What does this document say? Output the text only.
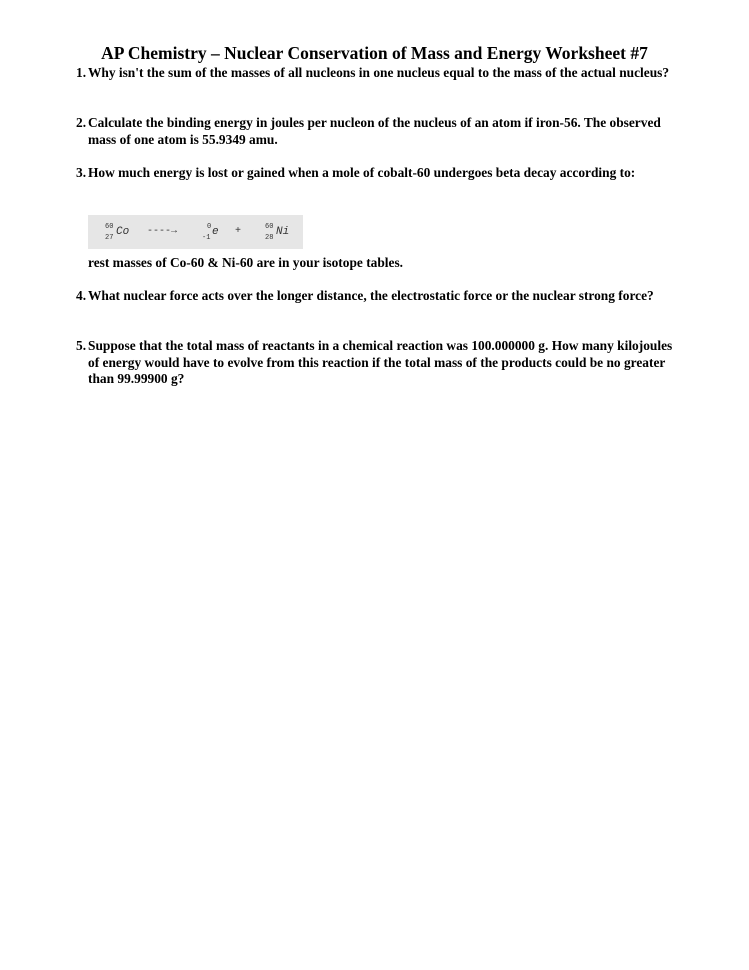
AP Chemistry – Nuclear Conservation of Mass and Energy Worksheet #7
1. Why isn't the sum of the masses of all nucleons in one nucleus equal to the mass of the actual nucleus?
2. Calculate the binding energy in joules per nucleon of the nucleus of an atom if iron-56. The observed mass of one atom is 55.9349 amu.
3. How much energy is lost or gained when a mole of cobalt-60 undergoes beta decay according to:
60
27 Co ----→	0
-1 e +	60
28 Ni
rest masses of Co-60 & Ni-60 are in your isotope tables.
4. What nuclear force acts over the longer distance, the electrostatic force or the nuclear strong force?
5. Suppose that the total mass of reactants in a chemical reaction was 100.000000 g. How many kilojoules of energy would have to evolve from this reaction if the total mass of the products could be no greater than 99.99900 g?
